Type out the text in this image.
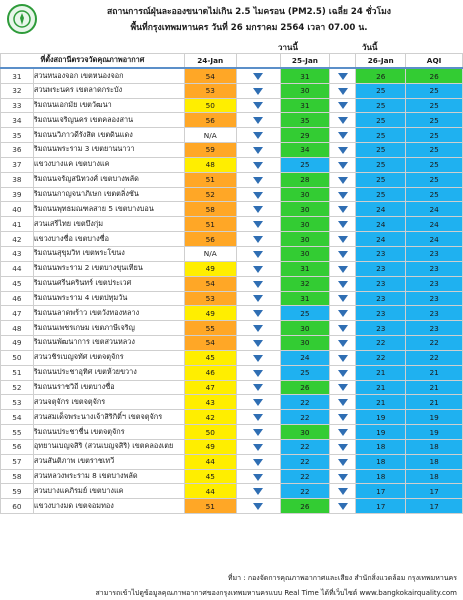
สถานการณ์ฝุ่นละอองขนาดไม่เกิน 2.5 ไมครอน (PM2.5) เฉลี่ย 24 ชั่วโมง
พื้นที่กรุงเทพมหานคร วันที่ 26 มกราคม 2564 เวลา 07.00 น.
วานนี้	วันนี้
ที่ตั้งสถานีตรวจวัดคุณภาพอากาศ		24-Jan		25-Jan		26-Jan	AQI
31	สวนหนองจอก เขตหนองจอก	54		31		26	26
32	สวนพระนคร เขตลาดกระบัง	53		30		25	25
33	ริมถนนเอกมัย เขตวัฒนา	50		31		25	25
34	ริมถนนเจริญนคร เขตคลองสาน	56		35		25	25
35	ริมถนนวิภาวดีรังสิต เขตดินแดง	N/A		29		25	25
36	ริมถนนพระราม 3 เขตยานนาวา	59		34		25	25
37	แขวงบางแค เขตบางแค	48		25		25	25
38	ริมถนนจรัญสนิทวงศ์ เขตบางพลัด	51		28		25	25
39	ริมถนนกาญจนาภิเษก เขตตลิ่งชัน	52		30		25	25
40	ริมถนนพุทธมณฑลสาย 5 เขตบางบอน	58		30		24	24
41	สวนเสรีไทย เขตบึงกุ่ม	51		30		24	24
42	แขวงบางซื่อ เขตบางซื่อ	56		30		24	24
43	ริมถนนสุขุมวิท เขตพระโขนง	N/A		30		23	23
44	ริมถนนพระราม 2 เขตบางขุนเทียน	49		31		23	23
45	ริมถนนศรีนครินทร์ เขตประเวศ	54		32		23	23
46	ริมถนนพระราม 4 เขตปทุมวัน	53		31		23	23
47	ริมถนนลาดพร้าว เขตวังทองหลาง	49		25		23	23
48	ริมถนนเพชรเกษม เขตภาษีเจริญ	55		30		23	23
49	ริมถนนพัฒนาการ เขตสวนหลวง	54		30		22	22
50	สวนวชิรเบญจทัศ เขตจตุจักร	45		24		22	22
51	ริมถนนประชาอุทิศ เขตห้วยขวาง	46		25		21	21
52	ริมถนนราชวิถี เขตบางซื่อ	47		26		21	21
53	สวนจตุจักร เขตจตุจักร	43		22		21	21
54	สวนสมเด็จพระนางเจ้าสิริกิติ์ฯ เขตจตุจักร	42		22		19	19
55	ริมถนนประชาชื่น เขตจตุจักร	50		30		19	19
56	อุทยานเบญจสิริ (สวนเบญจสิริ) เขตคลองเตย	49		22		18	18
57	สวนสันติภาพ เขตราชเทวี	44		22		18	18
58	สวนหลวงพระราม 8 เขตบางพลัด	45		22		18	18
59	สวนบางแคภิรมย์ เขตบางแค	44		22		17	17
60	แขวงบางมด เขตจอมทอง	51		26		17	17
ที่มา : กองจัดการคุณภาพอากาศและเสียง สำนักสิ่งแวดล้อม กรุงเทพมหานคร
สามารถเข้าไปดูข้อมูลคุณภาพอากาศของกรุงเทพมหานครแบบ Real Time ได้ที่เว็บไซต์ www.bangkokairquality.com
